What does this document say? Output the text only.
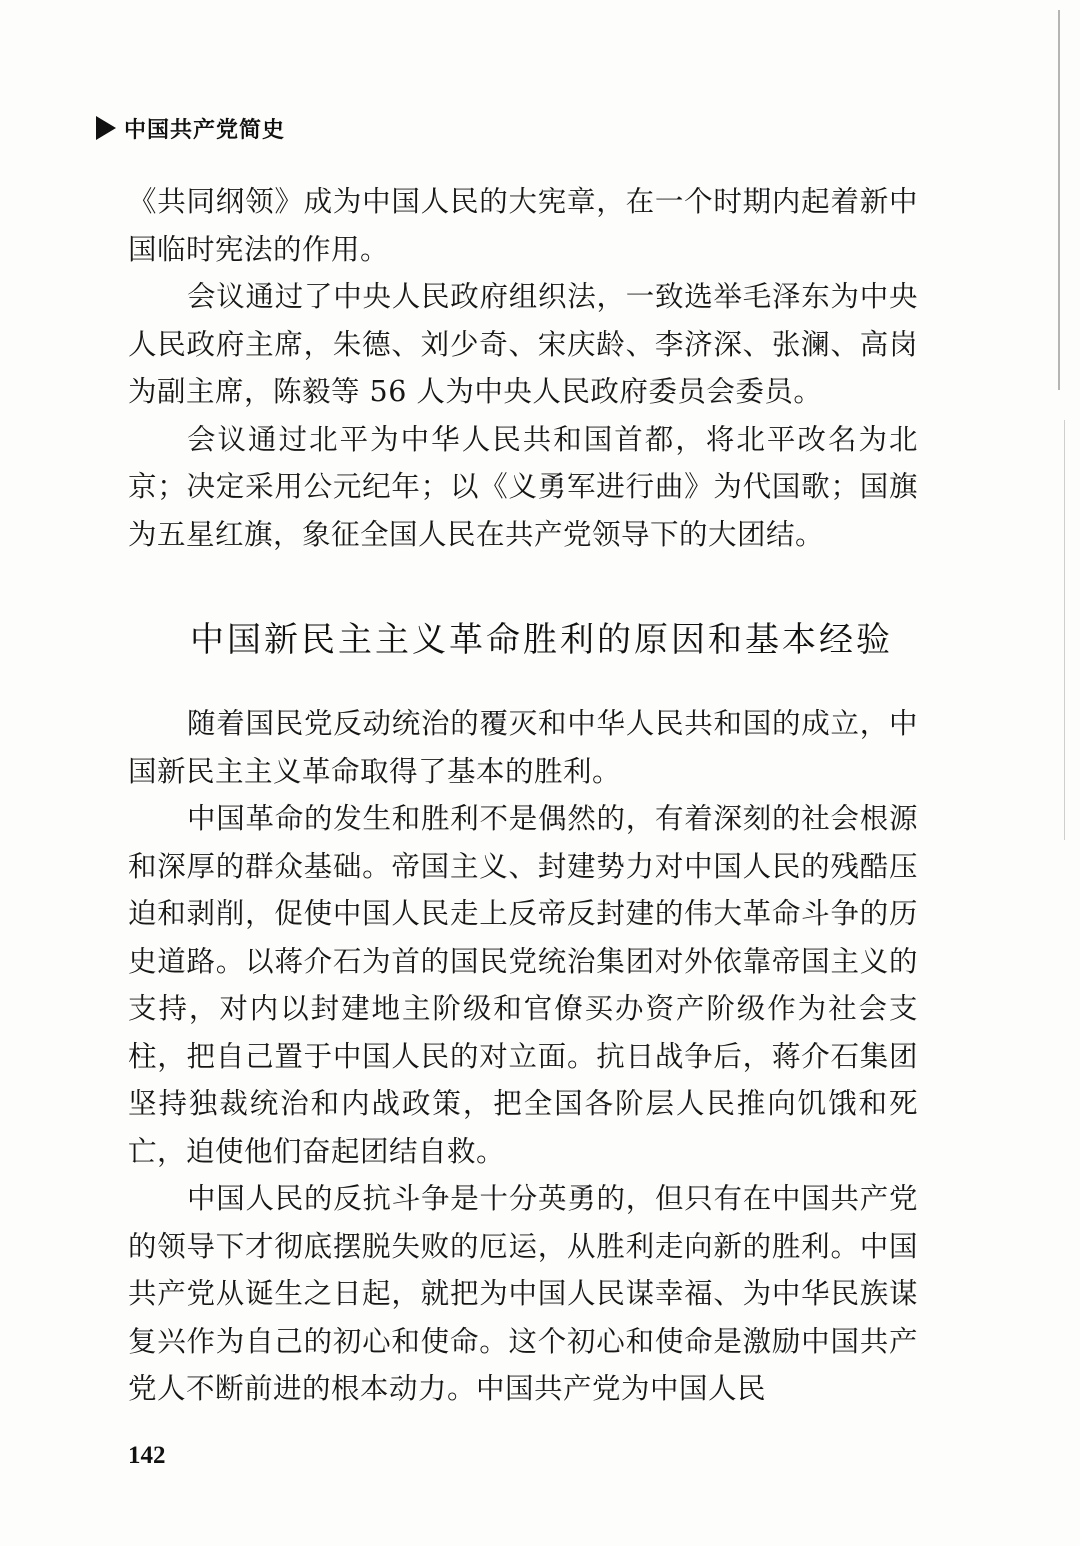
中国共产党简史

《共同纲领》成为中国人民的大宪章，在一个时期内起着新中国临时宪法的作用。

会议通过了中央人民政府组织法，一致选举毛泽东为中央人民政府主席，朱德、刘少奇、宋庆龄、李济深、张澜、高岗为副主席，陈毅等 56 人为中央人民政府委员会委员。

会议通过北平为中华人民共和国首都，将北平改名为北京；决定采用公元纪年；以《义勇军进行曲》为代国歌；国旗为五星红旗，象征全国人民在共产党领导下的大团结。

中国新民主主义革命胜利的原因和基本经验

随着国民党反动统治的覆灭和中华人民共和国的成立，中国新民主主义革命取得了基本的胜利。

中国革命的发生和胜利不是偶然的，有着深刻的社会根源和深厚的群众基础。帝国主义、封建势力对中国人民的残酷压迫和剥削，促使中国人民走上反帝反封建的伟大革命斗争的历史道路。以蒋介石为首的国民党统治集团对外依靠帝国主义的支持，对内以封建地主阶级和官僚买办资产阶级作为社会支柱，把自己置于中国人民的对立面。抗日战争后，蒋介石集团坚持独裁统治和内战政策，把全国各阶层人民推向饥饿和死亡，迫使他们奋起团结自救。

中国人民的反抗斗争是十分英勇的，但只有在中国共产党的领导下才彻底摆脱失败的厄运，从胜利走向新的胜利。中国共产党从诞生之日起，就把为中国人民谋幸福、为中华民族谋复兴作为自己的初心和使命。这个初心和使命是激励中国共产党人不断前进的根本动力。中国共产党为中国人民

142
